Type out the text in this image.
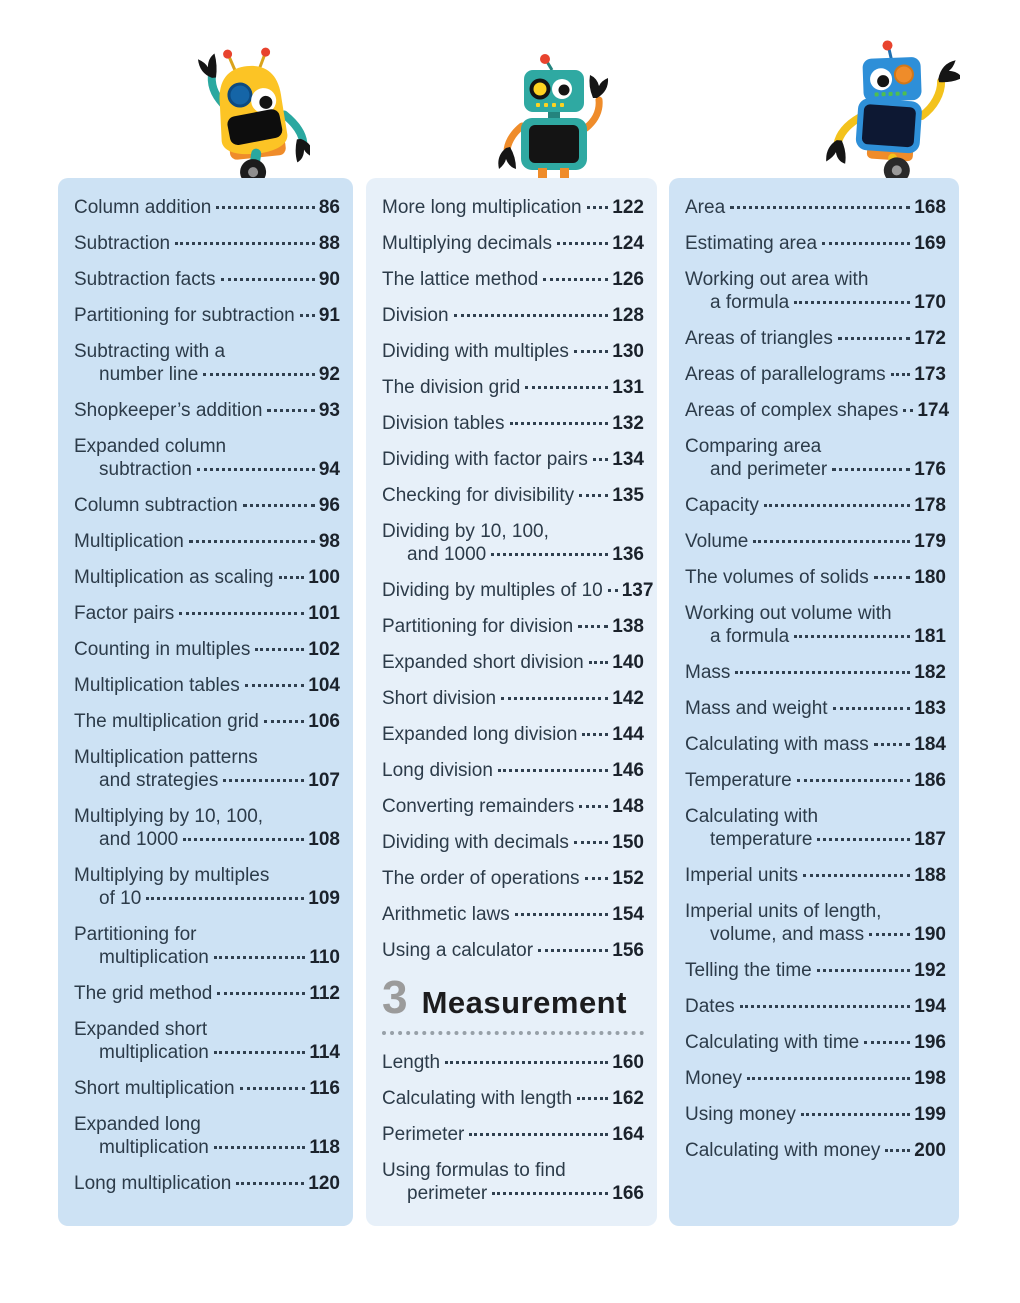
Column addition	86
Subtraction	88
Subtraction facts	90
Partitioning for subtraction 91
Subtracting with a
number line	92
Shopkeeper’s addition	93
Expanded column
subtraction	94
Column subtraction	96
Multiplication	98
Multiplication as scaling 100
Factor pairs	101
Counting in multiples	102
Multiplication tables	104
The multiplication grid	106
Multiplication patterns
and strategies	107
Multiplying by 10, 100,
and 1000	108
Multiplying by multiples
of 10	109
Partitioning for
multiplication	110
The grid method	112
Expanded short
multiplication	114
Short multiplication	116
Expanded long
multiplication	118
Long multiplication	120
More long multiplication 122
Multiplying decimals	124
The lattice method	126
Division	128
Dividing with multiples 130
The division grid	131
Division tables	132
Dividing with factor pairs 134
Checking for divisibility 135
Dividing by 10, 100,
and 1000	136
Dividing by multiples of 10 137
Partitioning for division 138
Expanded short division 140
Short division	142
Expanded long division 144
Long division	146
Converting remainders 148
Dividing with decimals 150
The order of operations 152
Arithmetic laws	154
Using a calculator	156
3 Measurement
Length	160
Calculating with length 162
Perimeter	164
Using formulas to find
perimeter	166
Area	168
Estimating area	169
Working out area with
a formula	170
Areas of triangles	172
Areas of parallelograms 173
Areas of complex shapes 174
Comparing area
and perimeter	176
Capacity	178
Volume	179
The volumes of solids 180
Working out volume with
a formula	181
Mass	182
Mass and weight	183
Calculating with mass 184
Temperature	186
Calculating with
temperature	187
Imperial units	188
Imperial units of length,
volume, and mass	190
Telling the time	192
Dates	194
Calculating with time	196
Money	198
Using money	199
Calculating with money 200
